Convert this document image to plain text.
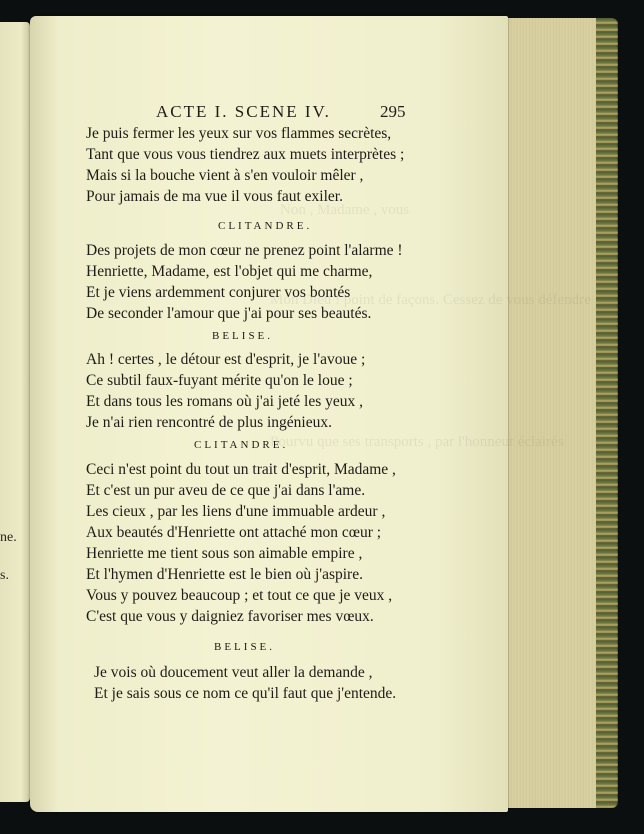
ne.
s.
Non , Madame , vous
Mon Dieu ! point de façons. Cessez de vous défendre
Pourvu que ses transports , par l'honneur éclairés
ACTE I. SCENE IV.	295
Je puis fermer les yeux sur vos flammes secrètes,
Tant que vous vous tiendrez aux muets interprètes ;
Mais si la bouche vient à s'en vouloir mêler ,
Pour jamais de ma vue il vous faut exiler.
CLITANDRE.
Des projets de mon cœur ne prenez point l'alarme !
Henriette, Madame, est l'objet qui me charme,
Et je viens ardemment conjurer vos bontés
De seconder l'amour que j'ai pour ses beautés.
BELISE.
Ah ! certes , le détour est d'esprit, je l'avoue ;
Ce subtil faux-fuyant mérite qu'on le loue ;
Et dans tous les romans où j'ai jeté les yeux ,
Je n'ai rien rencontré de plus ingénieux.
CLITANDRE.
Ceci n'est point du tout un trait d'esprit, Madame ,
Et c'est un pur aveu de ce que j'ai dans l'ame.
Les cieux , par les liens d'une immuable ardeur ,
Aux beautés d'Henriette ont attaché mon cœur ;
Henriette me tient sous son aimable empire ,
Et l'hymen d'Henriette est le bien où j'aspire.
Vous y pouvez beaucoup ; et tout ce que je veux ,
C'est que vous y daigniez favoriser mes vœux.
BELISE.
Je vois où doucement veut aller la demande ,
Et je sais sous ce nom ce qu'il faut que j'entende.
